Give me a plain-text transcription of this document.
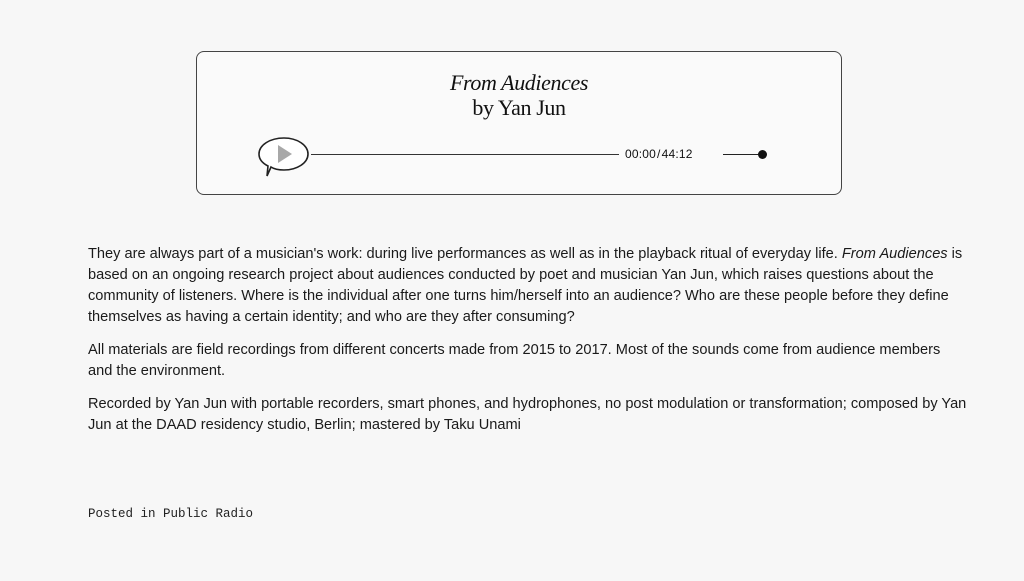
From Audiences
by Yan Jun
00:00/44:12

They are always part of a musician's work: during live performances as well as in the playback ritual of everyday life. From Audiences is based on an ongoing research project about audiences conducted by poet and musician Yan Jun, which raises questions about the community of listeners. Where is the individual after one turns him/herself into an audience? Who are these people before they define themselves as having a certain identity; and who are they after consuming?

All materials are field recordings from different concerts made from 2015 to 2017. Most of the sounds come from audience members and the environment.

Recorded by Yan Jun with portable recorders, smart phones, and hydrophones, no post modulation or transformation; composed by Yan Jun at the DAAD residency studio, Berlin; mastered by Taku Unami

Posted in Public Radio
